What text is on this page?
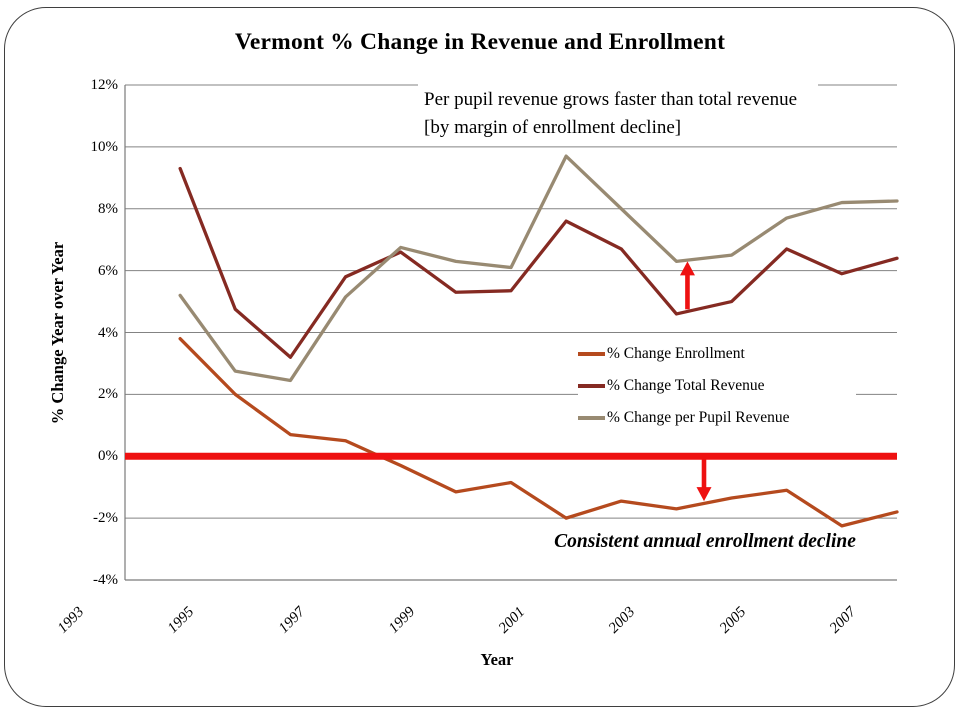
Vermont % Change in Revenue and Enrollment
12%
10%
8%
6%
4%
2%
0%
-2%
-4%
1993	1995	1997	1999	2001	2003	2005	2007
% Change Year over Year
Year
Per pupil revenue grows faster than total revenue
[by margin of enrollment decline]
Consistent annual enrollment decline
% Change Enrollment
% Change Total Revenue
% Change per Pupil Revenue
